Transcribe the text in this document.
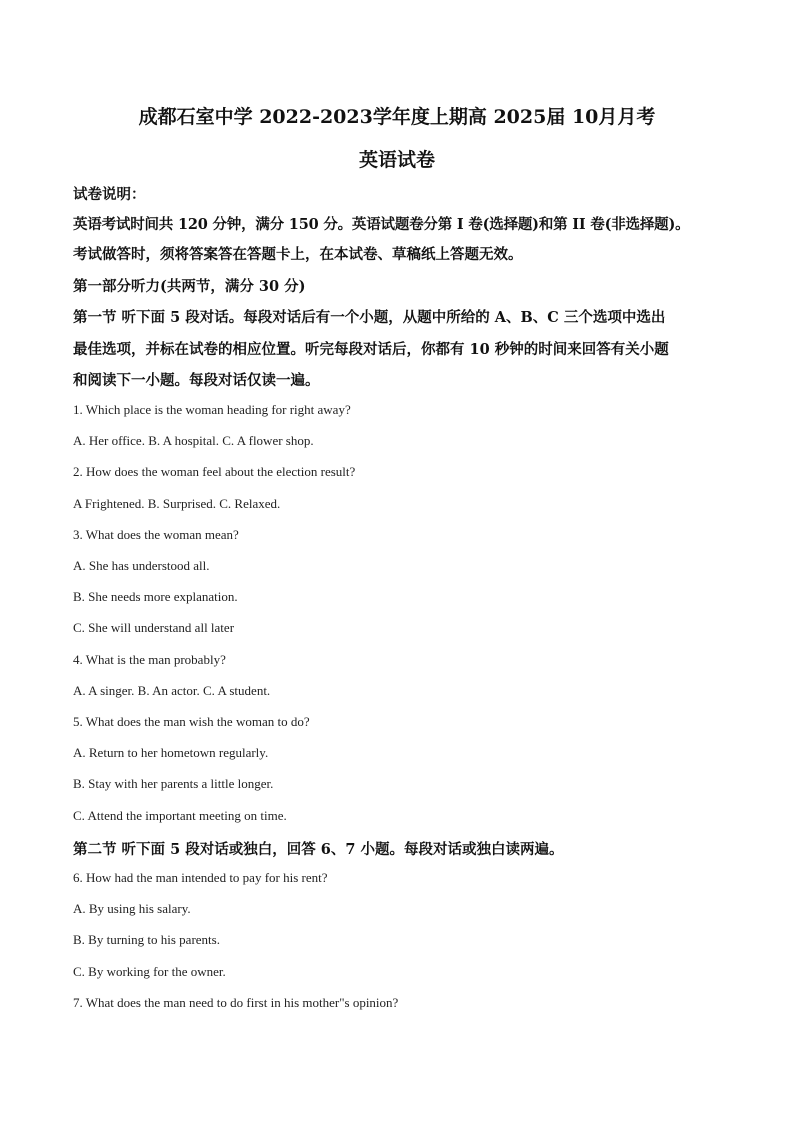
成都石室中学 2022-2023学年度上期高 2025届 10月月考
英语试卷
试卷说明：
英语考试时间共 120 分钟，满分 150 分。英语试题卷分第 I 卷(选择题)和第 II 卷(非选择题)。
考试做答时，须将答案答在答题卡上，在本试卷、草稿纸上答题无效。
第一部分听力(共两节，满分 30 分)
第一节 听下面 5 段对话。每段对话后有一个小题，从题中所给的 A、B、C 三个选项中选出
最佳选项，并标在试卷的相应位置。听完每段对话后，你都有 10 秒钟的时间来回答有关小题
和阅读下一小题。每段对话仅读一遍。
1. Which place is the woman heading for right away?
A. Her office. B. A hospital. C. A flower shop.
2. How does the woman feel about the election result?
A Frightened. B. Surprised. C. Relaxed.
3. What does the woman mean?
A. She has understood all.
B. She needs more explanation.
C. She will understand all later
4. What is the man probably?
A. A singer. B. An actor. C. A student.
5. What does the man wish the woman to do?
A. Return to her hometown regularly.
B. Stay with her parents a little longer.
C. Attend the important meeting on time.
第二节 听下面 5 段对话或独白，回答 6、7 小题。每段对话或独白读两遍。
6. How had the man intended to pay for his rent?
A. By using his salary.
B. By turning to his parents.
C. By working for the owner.
7. What does the man need to do first in his mother"s opinion?
